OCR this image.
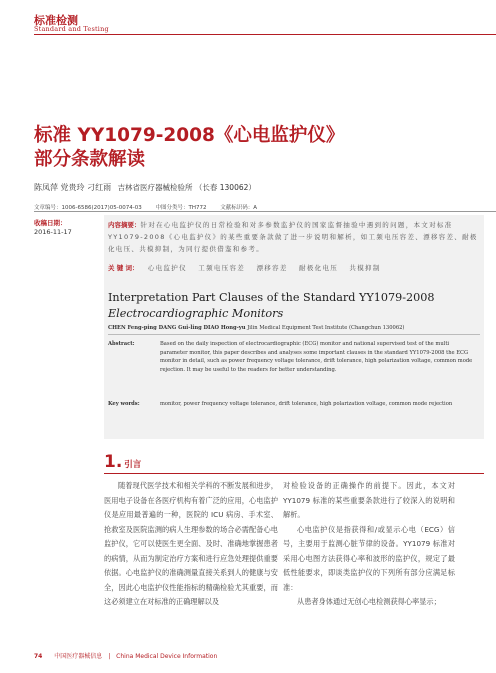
标准检测
Standard and Testing
标准 YY1079-2008《心电监护仪》
部分条款解读
陈凤萍 党贵玲 刁红雨 吉林省医疗器械检验所 （长春 130062）
文章编号：1006-6586(2017)05-0074-03	中图分类号：TH772	文献标识码：A
收稿日期：
2016-11-17
内容摘要：针对在心电监护仪的日常检验和对多参数监护仪的国家监督抽验中遇到的问题，本文对标准 YY1079-2008《心电监护仪》的某些重要条款做了进一步说明和解析，如工频电压容差、漂移容差、耐极化电压、共模抑制，为同行提供借鉴和参考。
关 键 词： 心电监护仪 工频电压容差 漂移容差 耐极化电压 共模抑制
Interpretation Part Clauses of the Standard YY1079-2008
Electrocardiographic Monitors
CHEN Feng-ping DANG Gui-ling DIAO Hong-yu Jilin Medical Equipment Test Institute (Changchun 130062)
Abstract:	Based on the daily inspection of electrocardiographic (ECG) monitor and national supervised test of the multi parameter monitor, this paper describes and analyses some important clauses in the standard YY1079-2008 the ECG monitor in detail, such as power frequency voltage tolerance, drift tolerance, high polarization voltage, common mode rejection. It may be useful to the readers for better understanding.
Key words:	monitor, power frequency voltage tolerance, drift tolerance, high polarization voltage, common mode rejection
1. 引言

随着现代医学技术和相关学科的不断发展和进步，医用电子设备在各医疗机构有着广泛的应用，心电监护仪是应用最普遍的一种，医院的 ICU 病房、手术室、抢救室及医院监测的病人生理参数的场合必需配备心电监护仪，它可以使医生更全面、及时、准确地掌握患者的病情，从而为制定治疗方案和进行应急处理提供重要依据。心电监护仪的准确测量直接关系到人的健康与安全，因此心电监护仪性能指标的精确检验尤其重要，而这必须建立在对标准的正确理解以及

对检验设备的正确操作的前提下。因此，本文对 YY1079 标准的某些重要条款进行了较深入的说明和解析。

心电监护仪是指获得和/或显示心电（ECG）信号，主要用于监测心脏节律的设备。YY1079 标准对采用心电图方法获得心率和波形的监护仪，规定了最低性能要求，即谈类监护仪的下列所有部分应满足标准：

从患者身体通过无创心电检测获得心率显示；

74 中国医疗器械信息 | China Medical Device Information
